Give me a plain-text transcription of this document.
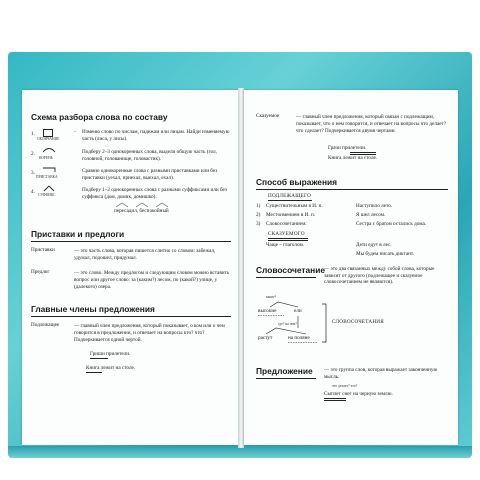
Схема разбора слова по составу
1.
ОКОНЧАНИЕ
Изменю слово по числам, падежам или лицам. Найди изменяемую часть (лиса, у лисы).
–
2.
КОРЕНЬ
Подберу 2–3 однокоренных слова, выдели общую часть (гол, головной, голованище, головастик).
3.
ПРИСТАВКА
Сравню однокоренные слова с разными приставками или без приставки (уехал, приехал, выехал, ехал).
4. СУФФИКС
Подберу 1–2 однокоренных слова с разными суффиксами или без суффикса (дом, домик, домишко).
пересадил, беспокойный
Приставки и предлоги
Приставки	— это часть слова, которая пишется слитно со словом: забежал, удумал, подошел, придумал.
Предлог	— это слово. Между предлогом и следующим словом можно вставить вопрос или другое слово: за (каким?) лесом, по (какой?) улице, у (далекого) озера.
Главные члены предложения
Подлежащее	— главный член предложения, который показывает, о ком или о чем говорится в предложении, и отвечает на вопросы кто? что? Подчеркивается одной чертой.
Гриши прилетели.
Книга лежит на столе.
Сказуемое	— главный член предложения, который связан с подлежащим, показывает, что о нем говорится, и отвечает на вопросы что делает? что сделает? Подчеркивается двумя чертами.
Грачи прилетели.
Книга лежит на столе.
Способ выражения
ПОДЛЕЖАЩЕГО
1) Существительным в И. п.	Наступило лето.
2) Местоимением в И. п.	Я шел лесом.
3) Словосочетанием:	Сестра с братом остались дома.
СКАЗУЕМОГО
Чаще – глаголом.	Дети едут в лес.
Мы будем писать диктант.
Словосочетание
— это два связанных между собой слова, которые зависят от другого (подлежащее и сказуемое словосочетанием не являются).
какие?
высокие	ели
где? на чем?
растут	на поляне
СЛОВОСОЧЕТАНИЯ
Предложение — это группа слов, которая выражает законченную мысль.
что делает? что?
Сыплет снег на черную землю.
